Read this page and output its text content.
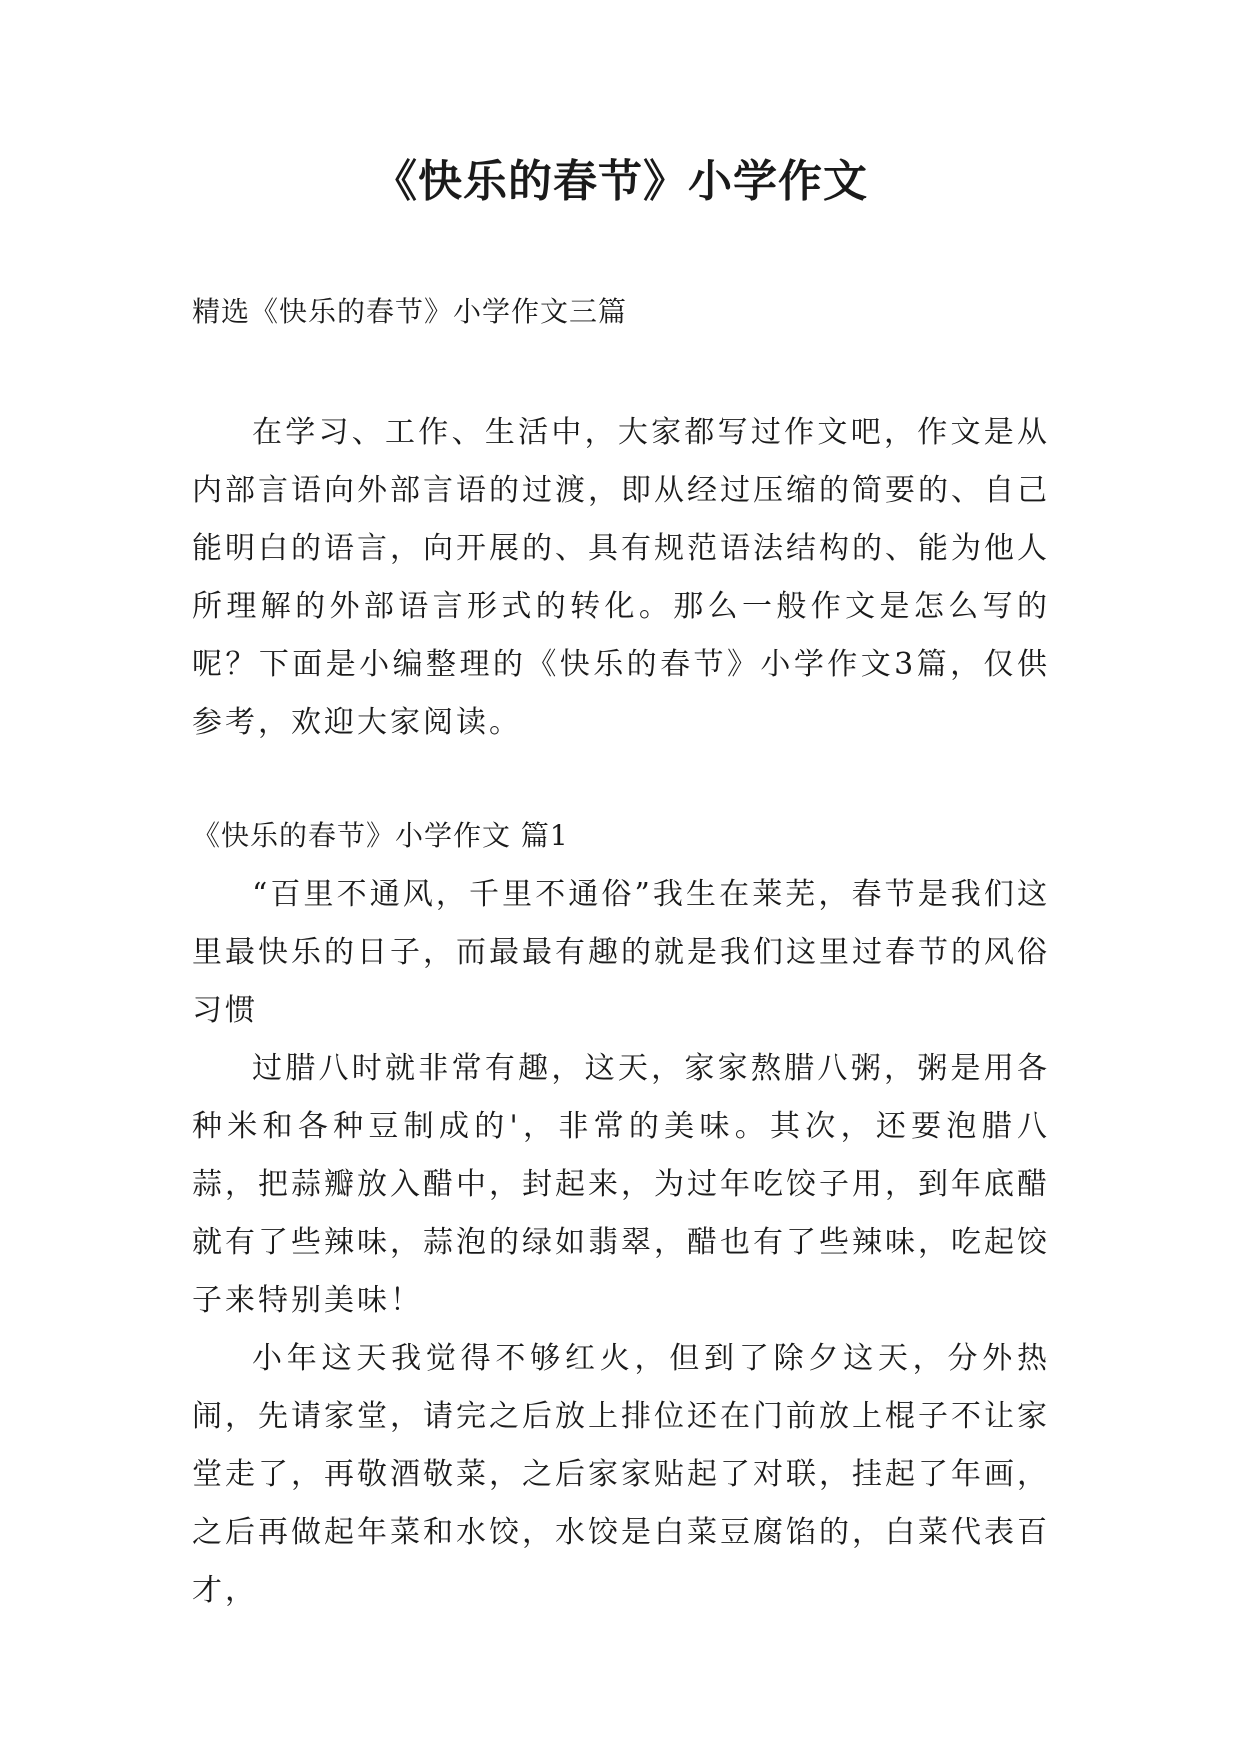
《快乐的春节》小学作文
精选《快乐的春节》小学作文三篇

在学习、工作、生活中，大家都写过作文吧，作文是从内部言语向外部言语的过渡，即从经过压缩的简要的、自己能明白的语言，向开展的、具有规范语法结构的、能为他人所理解的外部语言形式的转化。那么一般作文是怎么写的呢？下面是小编整理的《快乐的春节》小学作文3篇，仅供参考，欢迎大家阅读。

《快乐的春节》小学作文 篇1

“百里不通风，千里不通俗”我生在莱芜，春节是我们这里最快乐的日子，而最最有趣的就是我们这里过春节的风俗习惯

过腊八时就非常有趣，这天，家家熬腊八粥，粥是用各种米和各种豆制成的'，非常的美味。其次，还要泡腊八蒜，把蒜瓣放入醋中，封起来，为过年吃饺子用，到年底醋就有了些辣味，蒜泡的绿如翡翠，醋也有了些辣味，吃起饺子来特别美味！

小年这天我觉得不够红火，但到了除夕这天，分外热闹，先请家堂，请完之后放上排位还在门前放上棍子不让家堂走了，再敬酒敬菜，之后家家贴起了对联，挂起了年画，之后再做起年菜和水饺，水饺是白菜豆腐馅的，白菜代表百才，
